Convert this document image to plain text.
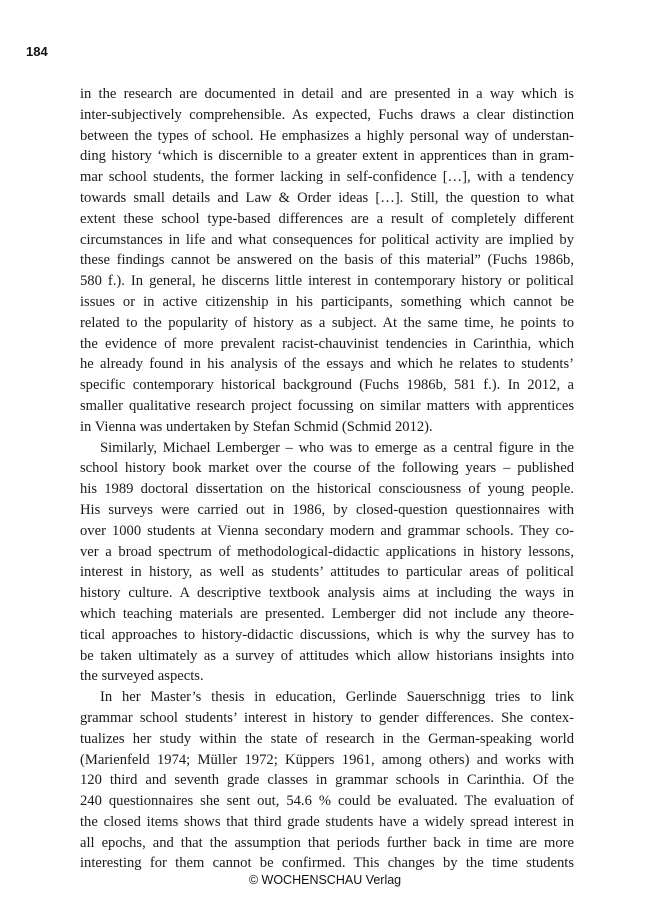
184
in the research are documented in detail and are presented in a way which is
inter-subjectively comprehensible. As expected, Fuchs draws a clear distinction
between the types of school. He emphasizes a highly personal way of understan-
ding history ‘which is discernible to a greater extent in apprentices than in gram-
mar school students, the former lacking in self-confidence […], with a tendency
towards small details and Law & Order ideas […]. Still, the question to what
extent these school type-based differences are a result of completely different
circumstances in life and what consequences for political activity are implied by
these findings cannot be answered on the basis of this material” (Fuchs 1986b,
580 f.). In general, he discerns little interest in contemporary history or political
issues or in active citizenship in his participants, something which cannot be
related to the popularity of history as a subject. At the same time, he points to
the evidence of more prevalent racist-chauvinist tendencies in Carinthia, which
he already found in his analysis of the essays and which he relates to students’
specific contemporary historical background (Fuchs 1986b, 581 f.). In 2012, a
smaller qualitative research project focussing on similar matters with apprentices
in Vienna was undertaken by Stefan Schmid (Schmid 2012).
Similarly, Michael Lemberger – who was to emerge as a central figure in the
school history book market over the course of the following years – published
his 1989 doctoral dissertation on the historical consciousness of young people.
His surveys were carried out in 1986, by closed-question questionnaires with
over 1000 students at Vienna secondary modern and grammar schools. They co-
ver a broad spectrum of methodological-didactic applications in history lessons,
interest in history, as well as students’ attitudes to particular areas of political
history culture. A descriptive textbook analysis aims at including the ways in
which teaching materials are presented. Lemberger did not include any theore-
tical approaches to history-didactic discussions, which is why the survey has to
be taken ultimately as a survey of attitudes which allow historians insights into
the surveyed aspects.
In her Master’s thesis in education, Gerlinde Sauerschnigg tries to link
grammar school students’ interest in history to gender differences. She contex-
tualizes her study within the state of research in the German-speaking world
(Marienfeld 1974; Müller 1972; Küppers 1961, among others) and works with
120 third and seventh grade classes in grammar schools in Carinthia. Of the
240 questionnaires she sent out, 54.6 % could be evaluated. The evaluation of
the closed items shows that third grade students have a widely spread interest in
all epochs, and that the assumption that periods further back in time are more
interesting for them cannot be confirmed. This changes by the time students
© WOCHENSCHAU Verlag
